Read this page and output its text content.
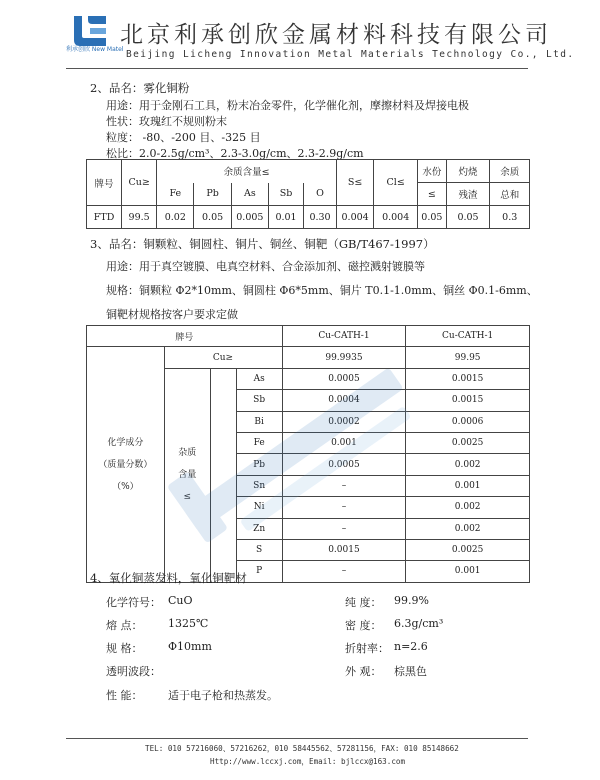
利承创欣 New Matel
北京利承创欣金属材料科技有限公司
Beijing Licheng Innovation Metal Materials Technology Co., Ltd.
2、品名：雾化铜粉
用途：用于金刚石工具，粉末冶金零件，化学催化剂，摩擦材料及焊接电极
性状：玫瑰红不规则粉末
粒度： -80、-200 目、-325 目
松比：2.0-2.5g/cm³、2.3-3.0g/cm、2.3-2.9g/cm
牌号	Cu≥	余质含量≤					S≤	Cl≤	水份	灼烧	余质
		Fe	Pb	As	Sb	O			≤	残渣	总和
FTD	99.5	0.02	0.05	0.005	0.01	0.30	0.004	0.004	0.05	0.05	0.3
3、品名：铜颗粒、铜圆柱、铜片、铜丝、铜靶（GB/T467-1997）
用途：用于真空镀膜、电真空材料、合金添加剂、磁控溅射镀膜等
规格：铜颗粒 Φ2*10mm、铜圆柱 Φ6*5mm、铜片 T0.1-1.0mm、铜丝 Φ0.1-6mm、
铜靶材规格按客户要求定做
牌号				Cu-CATH-1	Cu-CATH-1
化学成分
（质量分数）
（%）	Cu≥			99.9935	99.95
	杂质
含量
≤		As	0.0005	0.0015
			Sb	0.0004	0.0015
			Bi	0.0002	0.0006
			Fe	0.001	0.0025
			Pb	0.0005	0.002
			Sn	–	0.001
			Ni	–	0.002
			Zn	–	0.002
			S	0.0015	0.0025
			P	–	0.001
4、氧化铜蒸发料，氧化铜靶材
化学符号： CuO	纯 度： 99.9%
熔 点： 1325℃	密 度： 6.3g/cm³
规 格： Φ10mm	折射率： n=2.6
透明波段：	外 观： 棕黑色
性 能： 适于电子枪和热蒸发。
TEL: 010 57216060、57216262，010 58445562、57281156，FAX: 010 85148662
Http://www.lccxj.com，Email: bjlccx@163.com
